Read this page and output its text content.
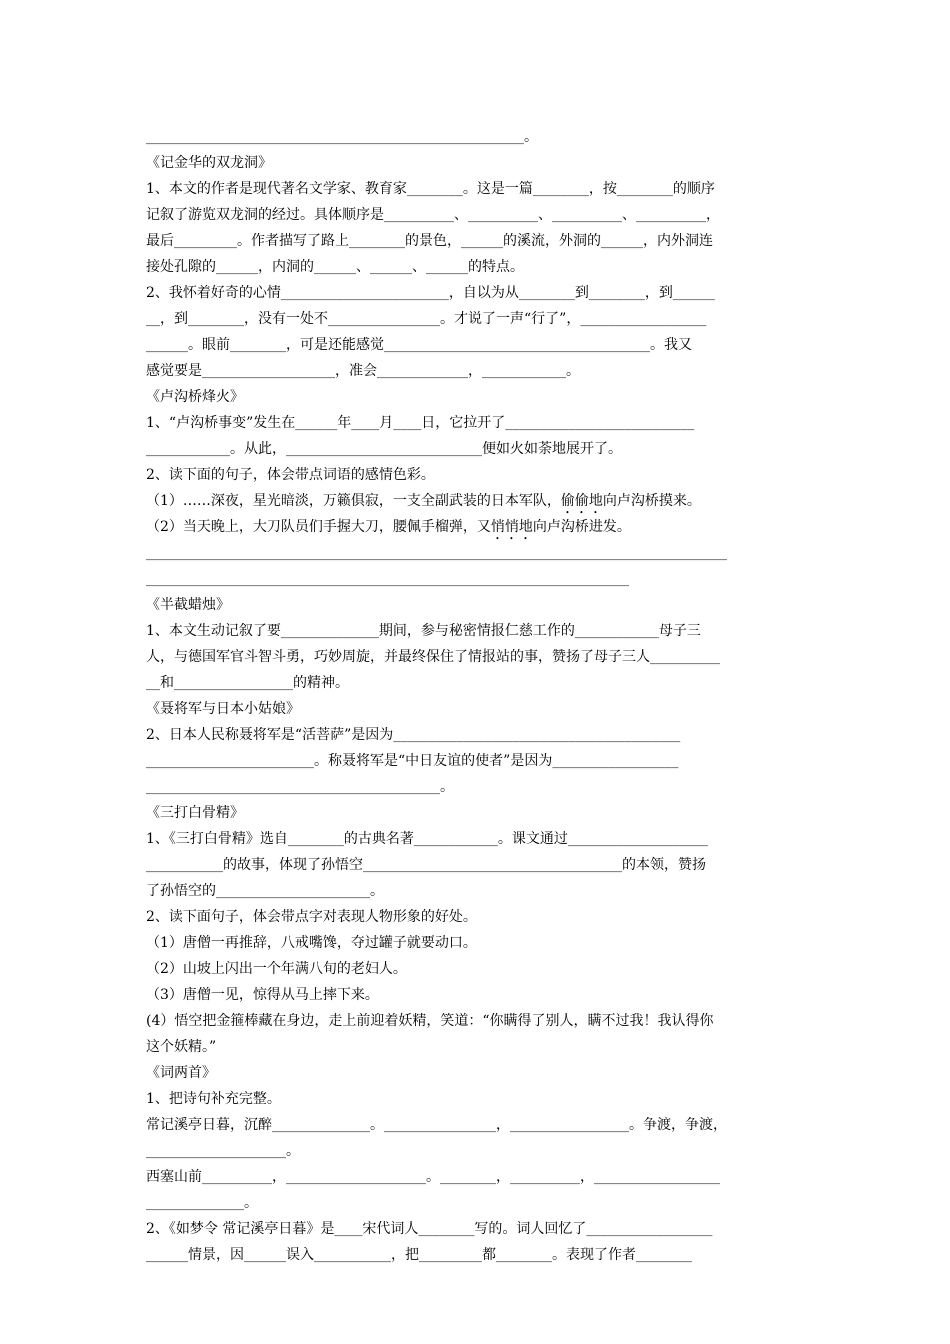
______________________________________________________。
《记金华的双龙洞》
1、本文的作者是现代著名文学家、教育家________。这是一篇________，按________的顺序
记叙了游览双龙洞的经过。具体顺序是__________、__________、__________、__________，
最后_________。作者描写了路上________的景色，______的溪流，外洞的______，内外洞连
接处孔隙的______，内洞的______、______、______的特点。
2、我怀着好奇的心情________________________，自以为从________到________，到______
__，到________，没有一处不________________。才说了一声“行了”，__________________
______。眼前________，可是还能感觉______________________________________。我又
感觉要是___________________，准会_____________，____________。
《卢沟桥烽火》
1、“卢沟桥事变”发生在______年____月____日，它拉开了___________________________
____________。从此，____________________________便如火如荼地展开了。
2、读下面的句子，体会带点词语的感情色彩。
（1）……深夜，星光暗淡，万籁俱寂，一支全副武装的日本军队，偷偷地向卢沟桥摸来。
（2）当天晚上，大刀队员们手握大刀，腰佩手榴弹，又悄悄地向卢沟桥进发。
___________________________________________________________________________________
_____________________________________________________________________
《半截蜡烛》
1、本文生动记叙了要______________期间，参与秘密情报仁慈工作的____________母子三
人，与德国军官斗智斗勇，巧妙周旋，并最终保住了情报站的事，赞扬了母子三人__________
__和_________________的精神。
《聂将军与日本小姑娘》
2、日本人民称聂将军是“活菩萨”是因为_________________________________________
________________________。称聂将军是“中日友谊的使者”是因为__________________
__________________________________________。
《三打白骨精》
1、《三打白骨精》选自________的古典名著____________。课文通过____________________
___________的故事，体现了孙悟空_____________________________________的本领，赞扬
了孙悟空的______________________。
2、读下面句子，体会带点字对表现人物形象的好处。
（1）唐僧一再推辞，八戒嘴馋，夺过罐子就要动口。
（2）山坡上闪出一个年满八旬的老妇人。
（3）唐僧一见，惊得从马上摔下来。
(4）悟空把金箍棒藏在身边，走上前迎着妖精，笑道：“你瞒得了别人，瞒不过我！我认得你
这个妖精。”
《词两首》
1、把诗句补充完整。
常记溪亭日暮，沉醉______________。________________，_________________。争渡，争渡，
____________________。
西塞山前__________，____________________。________，__________，__________________
______________。
2、《如梦令 常记溪亭日暮》是____宋代词人________写的。词人回忆了__________________
______情景，因______误入___________，把_________都________。表现了作者________
